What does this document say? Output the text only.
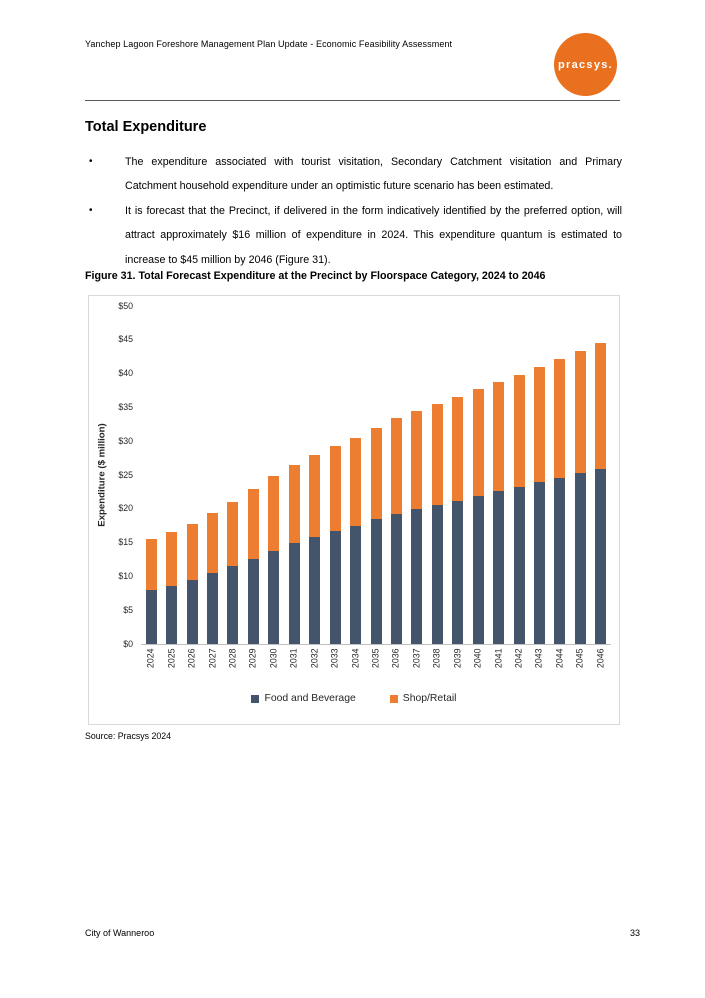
Yanchep Lagoon Foreshore Management Plan Update - Economic Feasibility Assessment
pracsys.
Total Expenditure
•	The expenditure associated with tourist visitation, Secondary Catchment visitation and Primary Catchment household expenditure under an optimistic future scenario has been estimated.
•	It is forecast that the Precinct, if delivered in the form indicatively identified by the preferred option, will attract approximately $16 million of expenditure in 2024. This expenditure quantum is estimated to increase to $45 million by 2046 (Figure 31).
Figure 31. Total Forecast Expenditure at the Precinct by Floorspace Category, 2024 to 2046
Expenditure ($ million)
$0
$5
$10
$15
$20
$25
$30
$35
$40
$45
$50
2024 2025 2026 2027 2028 2029 2030 2031 2032 2033 2034 2035 2036 2037 2038 2039 2040 2041 2042 2043 2044 2045 2046
Food and Beverage	Shop/Retail
Source: Pracsys 2024
City of Wanneroo	33
